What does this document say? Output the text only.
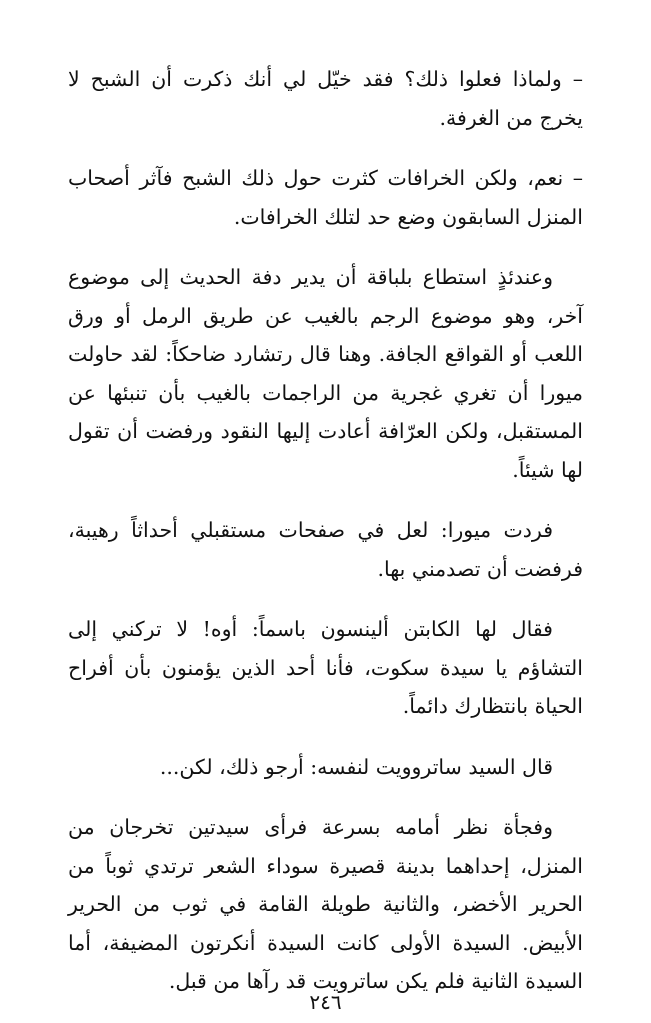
– ولماذا فعلوا ذلك؟ فقد خيّل لي أنك ذكرت أن الشبح لا يخرج من الغرفة.

– نعم، ولكن الخرافات كثرت حول ذلك الشبح فآثر أصحاب المنزل السابقون وضع حد لتلك الخرافات.

وعندئذٍ استطاع بلباقة أن يدير دفة الحديث إلى موضوع آخر، وهو موضوع الرجم بالغيب عن طريق الرمل أو ورق اللعب أو القواقع الجافة. وهنا قال رتشارد ضاحكاً: لقد حاولت ميورا أن تغري غجرية من الراجمات بالغيب بأن تنبئها عن المستقبل، ولكن العرّافة أعادت إليها النقود ورفضت أن تقول لها شيئاً.

فردت ميورا: لعل في صفحات مستقبلي أحداثاً رهيبة، فرفضت أن تصدمني بها.

فقال لها الكابتن ألينسون باسماً: أوه! لا تركني إلى التشاؤم يا سيدة سكوت، فأنا أحد الذين يؤمنون بأن أفراح الحياة بانتظارك دائماً.

قال السيد ساتروويت لنفسه: أرجو ذلك، لكن...

وفجأة نظر أمامه بسرعة فرأى سيدتين تخرجان من المنزل، إحداهما بدينة قصيرة سوداء الشعر ترتدي ثوباً من الحرير الأخضر، والثانية طويلة القامة في ثوب من الحرير الأبيض. السيدة الأولى كانت السيدة أنكرتون المضيفة، أما السيدة الثانية فلم يكن ساترويت قد رآها من قبل.

٢٤٦
